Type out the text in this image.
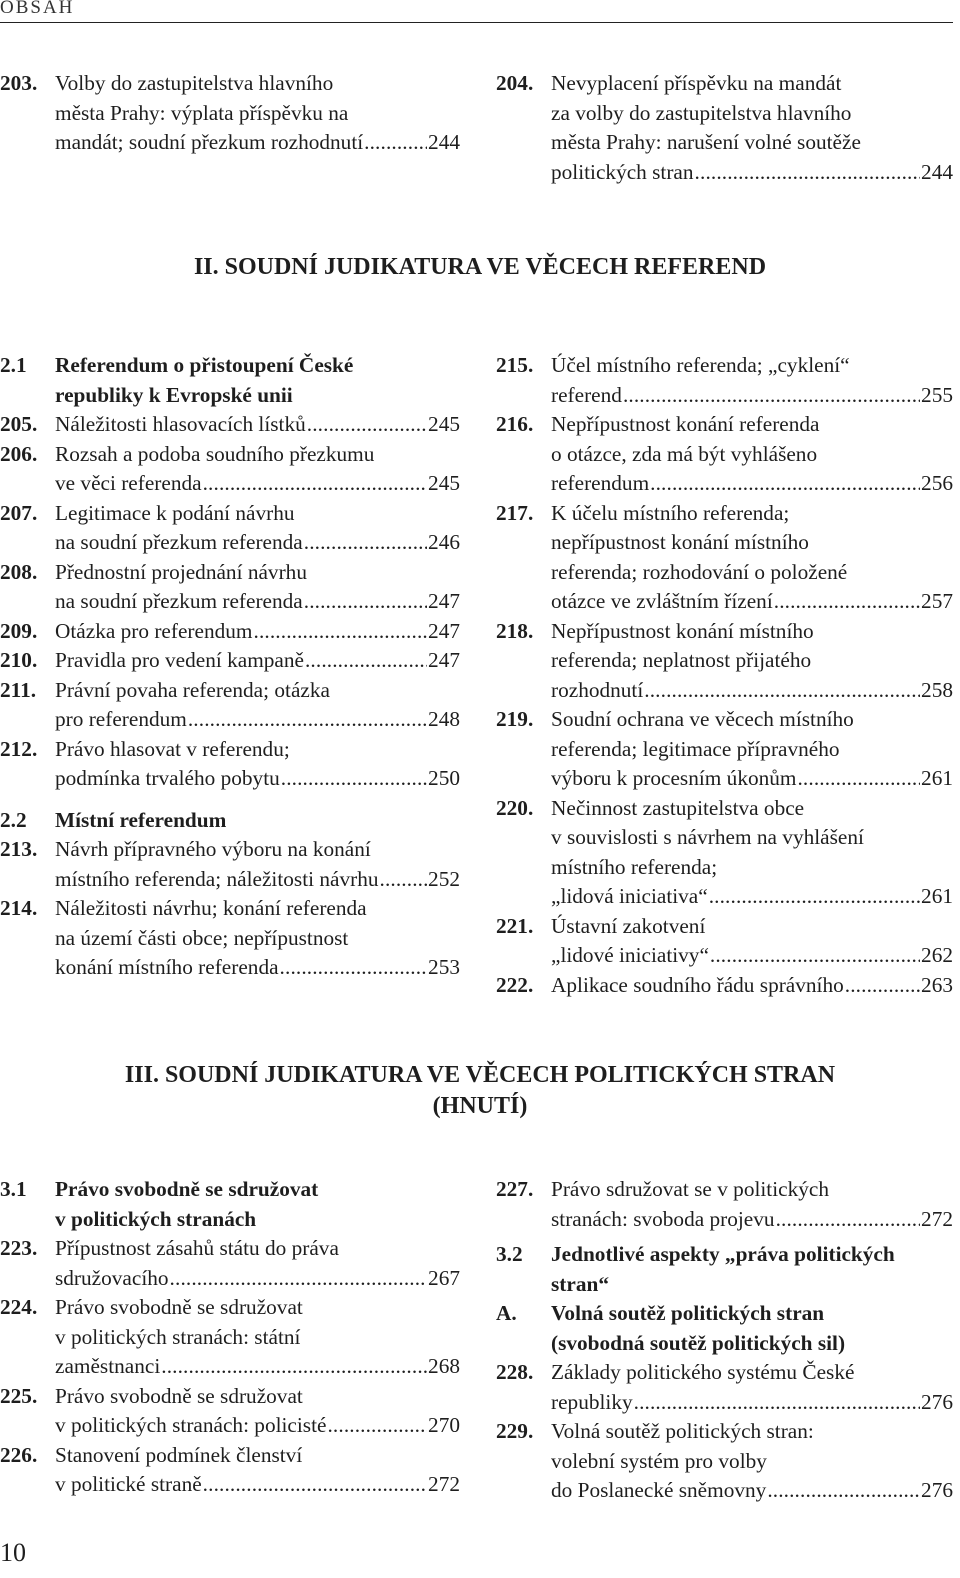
OBSAH
203. Volby do zastupitelstva hlavního
města Prahy: výplata příspěvku na
mandát; soudní přezkum rozhodnutí . . .	244
204. Nevyplacení příspěvku na mandát
za volby do zastupitelstva hlavního
města Prahy: narušení volné soutěže
politických stran . . .	244
II. SOUDNÍ JUDIKATURA VE VĚCECH REFEREND
2.1 Referendum o přistoupení České
republiky k Evropské unii
205. Náležitosti hlasovacích lístků . . .	245
206. Rozsah a podoba soudního přezkumu
ve věci referenda . . .	245
207. Legitimace k podání návrhu
na soudní přezkum referenda . . .	246
208. Přednostní projednání návrhu
na soudní přezkum referenda . . .	247
209. Otázka pro referendum . . .	247
210. Pravidla pro vedení kampaně . . .	247
211. Právní povaha referenda; otázka
pro referendum . . .	248
212. Právo hlasovat v referendu;
podmínka trvalého pobytu . . .	250
2.2 Místní referendum
213. Návrh přípravného výboru na konání
místního referenda; náležitosti návrhu . . . 252
214. Náležitosti návrhu; konání referenda
na území části obce; nepřípustnost
konání místního referenda . . .	253
215. Účel místního referenda; „cyklení“
referend . . .	255
216. Nepřípustnost konání referenda
o otázce, zda má být vyhlášeno
referendum . . .	256
217. K účelu místního referenda;
nepřípustnost konání místního
referenda; rozhodování o položené
otázce ve zvláštním řízení . . .	257
218. Nepřípustnost konání místního
referenda; neplatnost přijatého
rozhodnutí . . .	258
219. Soudní ochrana ve věcech místního
referenda; legitimace přípravného
výboru k procesním úkonům . . .	261
220. Nečinnost zastupitelstva obce
v souvislosti s návrhem na vyhlášení
místního referenda;
„lidová iniciativa“ . . .	261
221. Ústavní zakotvení
„lidové iniciativy“ . . .	262
222. Aplikace soudního řádu správního . . .	263
III. SOUDNÍ JUDIKATURA VE VĚCECH POLITICKÝCH STRAN
(HNUTÍ)
3.1 Právo svobodně se sdružovat
v politických stranách
223. Přípustnost zásahů státu do práva
sdružovacího . . .	267
224. Právo svobodně se sdružovat
v politických stranách: státní
zaměstnanci . . .	268
225. Právo svobodně se sdružovat
v politických stranách: policisté . . .	270
226. Stanovení podmínek členství
v politické straně . . .	272
227. Právo sdružovat se v politických
stranách: svoboda projevu . . .	272
3.2 Jednotlivé aspekty „práva politických
stran“
A. Volná soutěž politických stran
(svobodná soutěž politických sil)
228. Základy politického systému České
republiky . . .	276
229. Volná soutěž politických stran:
volební systém pro volby
do Poslanecké sněmovny . . .	276
10
